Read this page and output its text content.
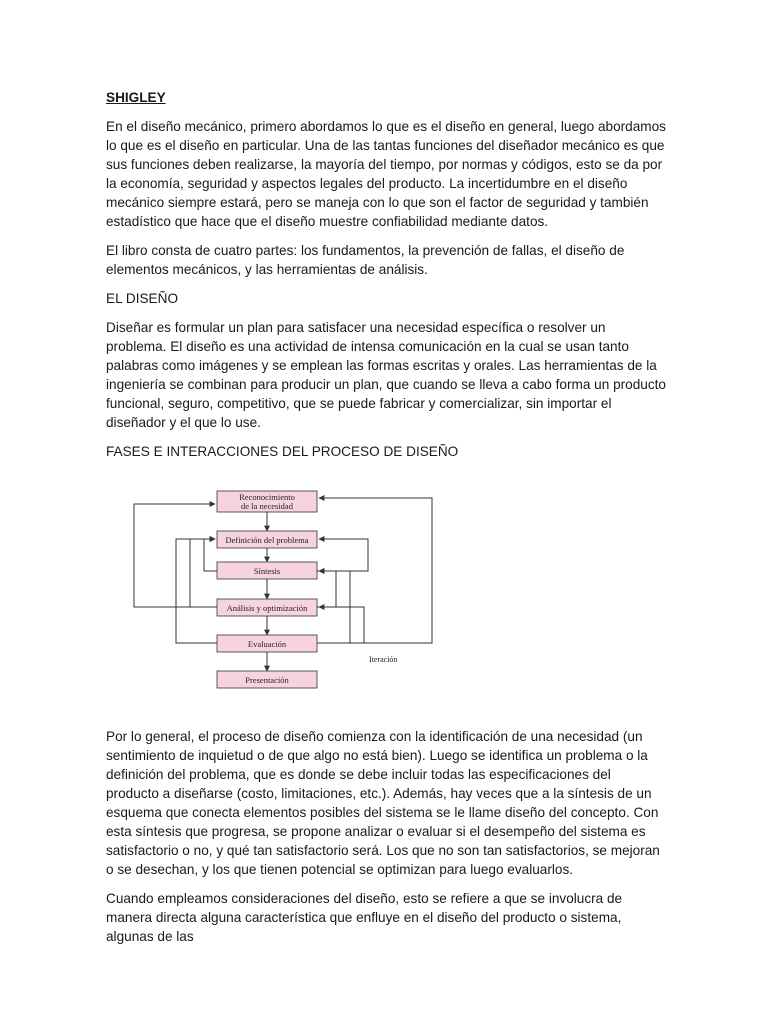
SHIGLEY

En el diseño mecánico, primero abordamos lo que es el diseño en general, luego abordamos lo que es el diseño en particular. Una de las tantas funciones del diseñador mecánico es que sus funciones deben realizarse, la mayoría del tiempo, por normas y códigos, esto se da por la economía, seguridad y aspectos legales del producto. La incertidumbre en el diseño mecánico siempre estará, pero se maneja con lo que son el factor de seguridad y también estadístico que hace que el diseño muestre confiabilidad mediante datos.

El libro consta de cuatro partes: los fundamentos, la prevención de fallas, el diseño de elementos mecánicos, y las herramientas de análisis.

EL DISEÑO

Diseñar es formular un plan para satisfacer una necesidad específica o resolver un problema. El diseño es una actividad de intensa comunicación en la cual se usan tanto palabras como imágenes y se emplean las formas escritas y orales. Las herramientas de la ingeniería se combinan para producir un plan, que cuando se lleva a cabo forma un producto funcional, seguro, competitivo, que se puede fabricar y comercializar, sin importar el diseñador y el que lo use.

FASES E INTERACCIONES DEL PROCESO DE DISEÑO
Reconocimiento
de la necesidad
Definición del problema
Síntesis
Análisis y optimización
Evaluación
Presentación
Iteración

Por lo general, el proceso de diseño comienza con la identificación de una necesidad (un sentimiento de inquietud o de que algo no está bien). Luego se identifica un problema o la definición del problema, que es donde se debe incluir todas las especificaciones del producto a diseñarse (costo, limitaciones, etc.). Además, hay veces que a la síntesis de un esquema que conecta elementos posibles del sistema se le llame diseño del concepto. Con esta síntesis que progresa, se propone analizar o evaluar si el desempeño del sistema es satisfactorio o no, y qué tan satisfactorio será. Los que no son tan satisfactorios, se mejoran o se desechan, y los que tienen potencial se optimizan para luego evaluarlos.

Cuando empleamos consideraciones del diseño, esto se refiere a que se involucra de manera directa alguna característica que enfluye en el diseño del producto o sistema, algunas de las
